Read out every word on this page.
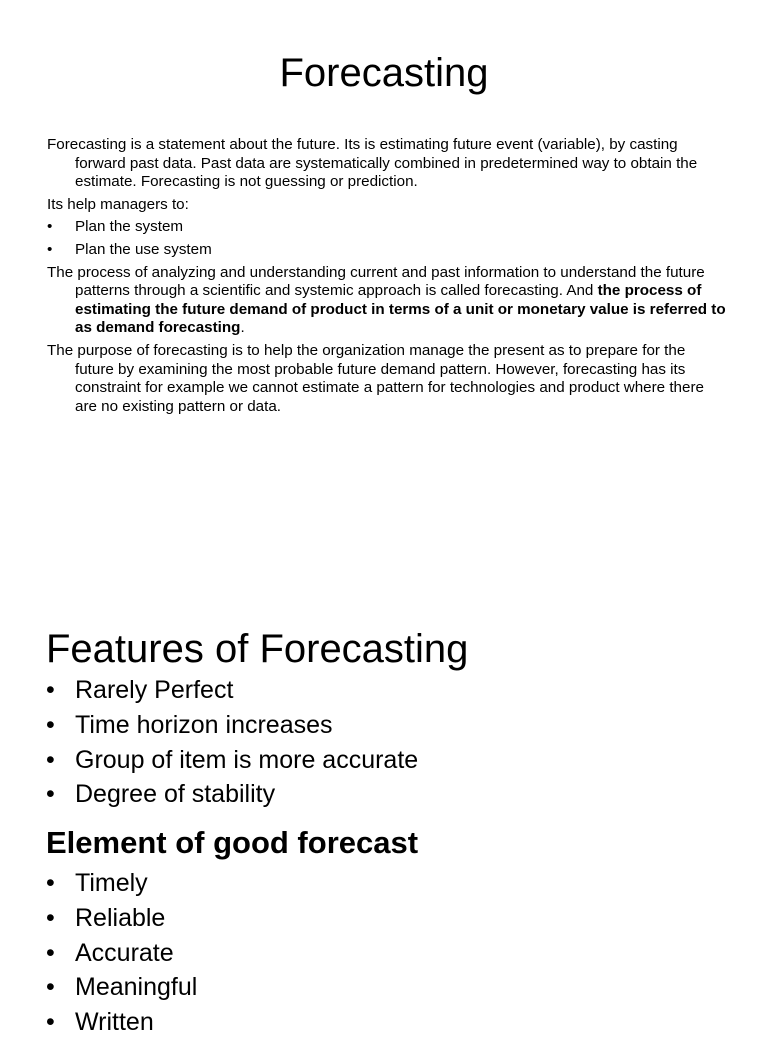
Forecasting

Forecasting is a statement about the future. Its is estimating future event (variable), by casting forward past data. Past data are systematically combined in predetermined way to obtain the estimate. Forecasting is not guessing or prediction.

Its help managers to:

• Plan the system
• Plan the use system

The process of analyzing and understanding current and past information to understand the future patterns through a scientific and systemic approach is called forecasting. And the process of estimating the future demand of product in terms of a unit or monetary value is referred to as demand forecasting.

The purpose of forecasting is to help the organization manage the present as to prepare for the future by examining the most probable future demand pattern. However, forecasting has its constraint for example we cannot estimate a pattern for technologies and product where there are no existing pattern or data.

Features of Forecasting
• Rarely Perfect
• Time horizon increases
• Group of item is more accurate
• Degree of stability
Element of good forecast
• Timely
• Reliable
• Accurate
• Meaningful
• Written
